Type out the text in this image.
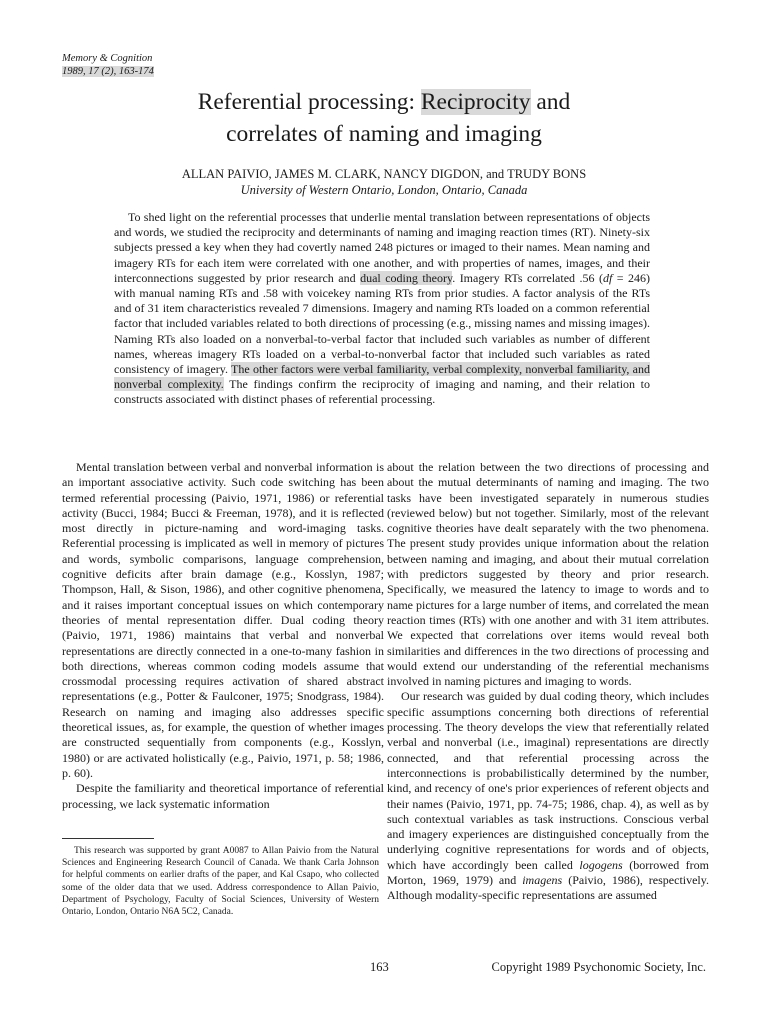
Memory & Cognition
1989, 17 (2), 163-174
Referential processing: Reciprocity and
correlates of naming and imaging
ALLAN PAIVIO, JAMES M. CLARK, NANCY DIGDON, and TRUDY BONS
University of Western Ontario, London, Ontario, Canada

To shed light on the referential processes that underlie mental translation between representations of objects and words, we studied the reciprocity and determinants of naming and imaging reaction times (RT). Ninety-six subjects pressed a key when they had covertly named 248 pictures or imaged to their names. Mean naming and imagery RTs for each item were correlated with one another, and with properties of names, images, and their interconnections suggested by prior research and dual coding theory. Imagery RTs correlated .56 (df = 246) with manual naming RTs and .58 with voicekey naming RTs from prior studies. A factor analysis of the RTs and of 31 item characteristics revealed 7 dimensions. Imagery and naming RTs loaded on a common referential factor that included variables related to both directions of processing (e.g., missing names and missing images). Naming RTs also loaded on a nonverbal-to-verbal factor that included such variables as number of different names, whereas imagery RTs loaded on a verbal-to-nonverbal factor that included such variables as rated consistency of imagery. The other factors were verbal familiarity, verbal complexity, nonverbal familiarity, and nonverbal complexity. The findings confirm the reciprocity of imaging and naming, and their relation to constructs associated with distinct phases of referential processing.

Mental translation between verbal and nonverbal information is an important associative activity. Such code switching has been termed referential processing (Paivio, 1971, 1986) or referential activity (Bucci, 1984; Bucci & Freeman, 1978), and it is reflected most directly in picture-naming and word-imaging tasks. Referential processing is implicated as well in memory of pictures and words, symbolic comparisons, language comprehension, cognitive deficits after brain damage (e.g., Kosslyn, 1987; Thompson, Hall, & Sison, 1986), and other cognitive phenomena, and it raises important conceptual issues on which contemporary theories of mental representation differ. Dual coding theory (Paivio, 1971, 1986) maintains that verbal and nonverbal representations are directly connected in a one-to-many fashion in both directions, whereas common coding models assume that crossmodal processing requires activation of shared abstract representations (e.g., Potter & Faulconer, 1975; Snodgrass, 1984). Research on naming and imaging also addresses specific theoretical issues, as, for example, the question of whether images are constructed sequentially from components (e.g., Kosslyn, 1980) or are activated holistically (e.g., Paivio, 1971, p. 58; 1986, p. 60).

Despite the familiarity and theoretical importance of referential processing, we lack systematic information

about the relation between the two directions of processing and about the mutual determinants of naming and imaging. The two tasks have been investigated separately in numerous studies (reviewed below) but not together. Similarly, most of the relevant cognitive theories have dealt separately with the two phenomena. The present study provides unique information about the relation between naming and imaging, and about their mutual correlation with predictors suggested by theory and prior research. Specifically, we measured the latency to image to words and to name pictures for a large number of items, and correlated the mean reaction times (RTs) with one another and with 31 item attributes. We expected that correlations over items would reveal both similarities and differences in the two directions of processing and would extend our understanding of the referential mechanisms involved in naming pictures and imaging to words.

Our research was guided by dual coding theory, which includes specific assumptions concerning both directions of referential processing. The theory develops the view that referentially related verbal and nonverbal (i.e., imaginal) representations are directly connected, and that referential processing across the interconnections is probabilistically determined by the number, kind, and recency of one's prior experiences of referent objects and their names (Paivio, 1971, pp. 74-75; 1986, chap. 4), as well as by such contextual variables as task instructions. Conscious verbal and imagery experiences are distinguished conceptually from the underlying cognitive representations for words and of objects, which have accordingly been called logogens (borrowed from Morton, 1969, 1979) and imagens (Paivio, 1986), respectively. Although modality-specific representations are assumed

This research was supported by grant A0087 to Allan Paivio from the Natural Sciences and Engineering Research Council of Canada. We thank Carla Johnson for helpful comments on earlier drafts of the paper, and Kal Csapo, who collected some of the older data that we used. Address correspondence to Allan Paivio, Department of Psychology, Faculty of Social Sciences, University of Western Ontario, London, Ontario N6A 5C2, Canada.

163	Copyright 1989 Psychonomic Society, Inc.
